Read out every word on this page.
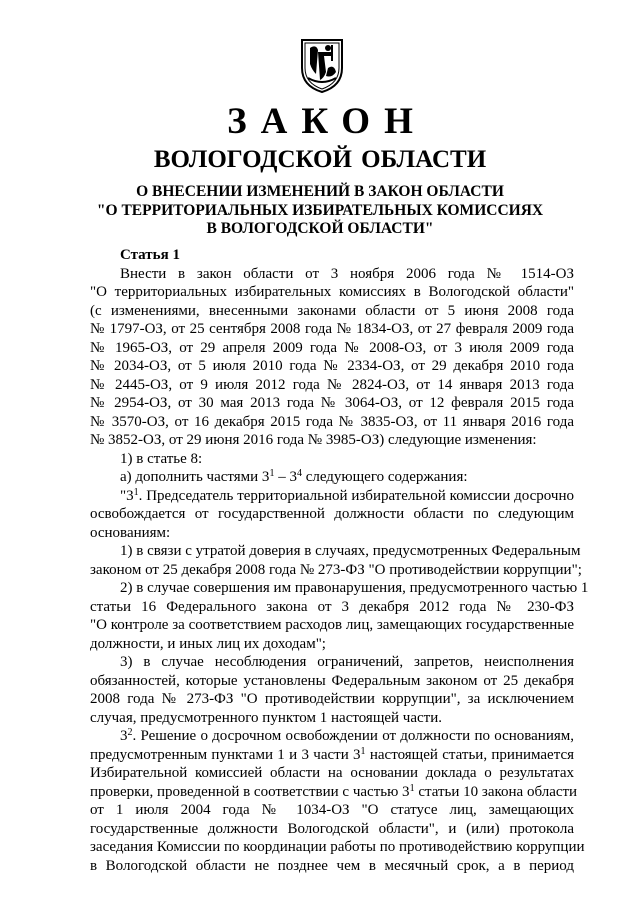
ЗАКОН
ВОЛОГОДСКОЙ ОБЛАСТИ
О ВНЕСЕНИИ ИЗМЕНЕНИЙ В ЗАКОН ОБЛАСТИ
"О ТЕРРИТОРИАЛЬНЫХ ИЗБИРАТЕЛЬНЫХ КОМИССИЯХ
В ВОЛОГОДСКОЙ ОБЛАСТИ"
Статья 1
Внести в закон области от 3 ноября 2006 года № 1514-ОЗ
"О территориальных избирательных комиссиях в Вологодской области"
(с изменениями, внесенными законами области от 5 июня 2008 года
№ 1797-ОЗ, от 25 сентября 2008 года № 1834-ОЗ, от 27 февраля 2009 года
№ 1965-ОЗ, от 29 апреля 2009 года № 2008-ОЗ, от 3 июля 2009 года
№ 2034-ОЗ, от 5 июля 2010 года № 2334-ОЗ, от 29 декабря 2010 года
№ 2445-ОЗ, от 9 июля 2012 года № 2824-ОЗ, от 14 января 2013 года
№ 2954-ОЗ, от 30 мая 2013 года № 3064-ОЗ, от 12 февраля 2015 года
№ 3570-ОЗ, от 16 декабря 2015 года № 3835-ОЗ, от 11 января 2016 года
№ 3852-ОЗ, от 29 июня 2016 года № 3985-ОЗ) следующие изменения:
1) в статье 8:
а) дополнить частями $3^1 - 3^4$ следующего содержания:
"$3^1$. Председатель территориальной избирательной комиссии досрочно
освобождается от государственной должности области по следующим
основаниям:
1) в связи с утратой доверия в случаях, предусмотренных Федеральным
законом от 25 декабря 2008 года № 273-ФЗ "О противодействии коррупции";
2) в случае совершения им правонарушения, предусмотренного частью 1
статьи 16 Федерального закона от 3 декабря 2012 года № 230-ФЗ
"О контроле за соответствием расходов лиц, замещающих государственные
должности, и иных лиц их доходам";
3) в случае несоблюдения ограничений, запретов, неисполнения
обязанностей, которые установлены Федеральным законом от 25 декабря
2008 года № 273-ФЗ "О противодействии коррупции", за исключением
случая, предусмотренного пунктом 1 настоящей части.
$3^2$. Решение о досрочном освобождении от должности по основаниям,
предусмотренным пунктами 1 и 3 части $3^1$ настоящей статьи, принимается
Избирательной комиссией области на основании доклада о результатах
проверки, проведенной в соответствии с частью $3^1$ статьи 10 закона области
от 1 июля 2004 года № 1034-ОЗ "О статусе лиц, замещающих
государственные должности Вологодской области", и (или) протокола
заседания Комиссии по координации работы по противодействию коррупции
в Вологодской области не позднее чем в месячный срок, а в период
